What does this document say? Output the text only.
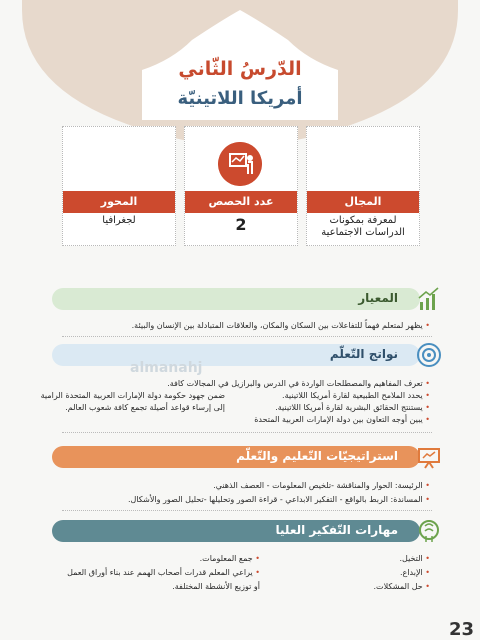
الدّرسُ الثّاني
أمريكا اللاتينيّة
المجال
لمعرفة بمكونات الدراسات الاجتماعية
عدد الحصص
2
المحور
لجغرافيا
المعيار
• يظهر لمتعلم فهماً للتفاعلات بين السكان والمكان، والعلاقات المتبادلة بين الإنسان والبيئة.
نواتج التّعلّم
• تعرف المفاهيم والمصطلحات الواردة في الدرس والبرازيل في المجالات كافة.
• يحدد الملامح الطبيعية لقارة أمريكا اللاتينية.
• يستنتج الحقائق البشرية لقارة أمريكا اللاتينية.
• يبين أوجه التعاون بين دولة الإمارات العربية المتحدة
ضمن جهود حكومة دولة الإمارات العربية المتحدة الرامية
إلى إرساء قواعد أصيلة تجمع كافة شعوب العالم.
almanahj
استراتيجيّات التّعليم والتّعلّم
• الرئيسة: الحوار والمناقشة -تلخيص المعلومات - العصف الذهني.
• المساندة: الربط بالواقع - التفكير الابداعي - قراءة الصور وتحليلها -تحليل الصور والأشكال.
مهارات التّفكير العليا
• التخيل.
• الإبداع.
• حل المشكلات.
• جمع المعلومات.
• يراعي المعلم قدرات أصحاب الهمم عند بناء أوراق العمل
أو توزيع الأنشطة المختلفة.
23
